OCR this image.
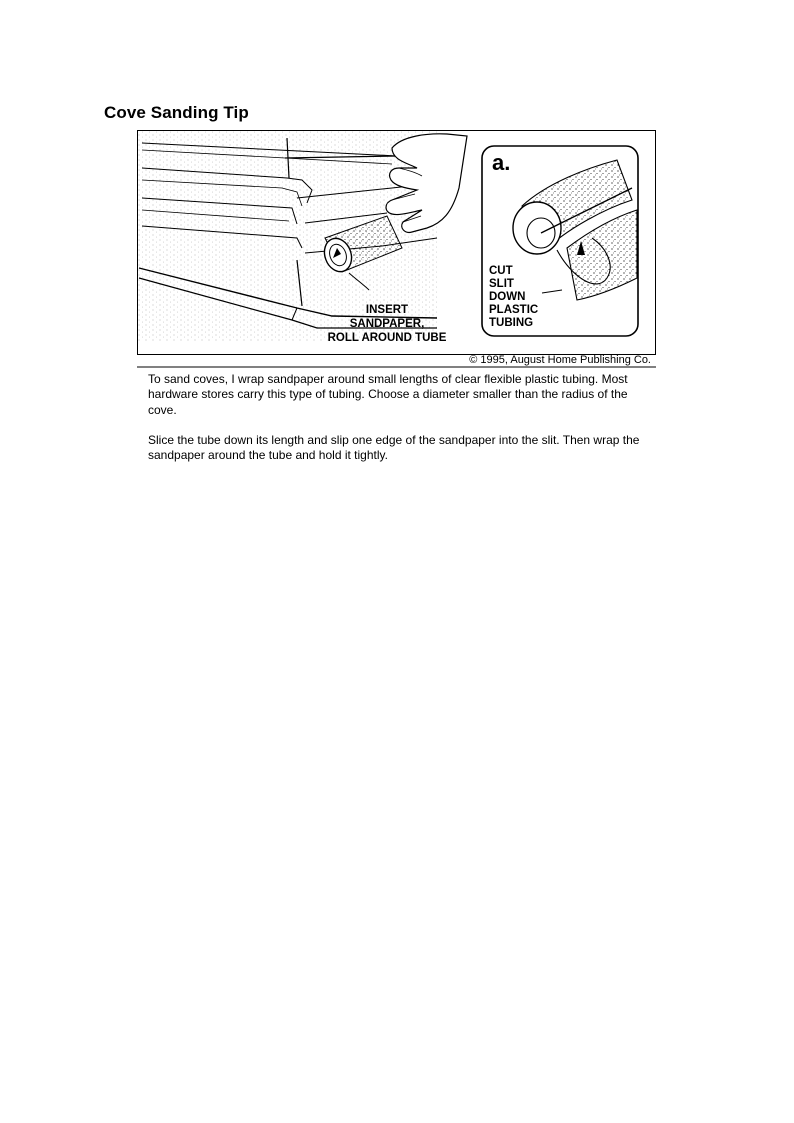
Cove Sanding Tip
INSERT
SANDPAPER,
ROLL AROUND TUBE
a.
CUT
SLIT
DOWN
PLASTIC
TUBING
© 1995, August Home Publishing Co.

To sand coves, I wrap sandpaper around small lengths of clear flexible plastic tubing. Most hardware stores carry this type of tubing. Choose a diameter smaller than the radius of the cove.

Slice the tube down its length and slip one edge of the sandpaper into the slit. Then wrap the sandpaper around the tube and hold it tightly.
